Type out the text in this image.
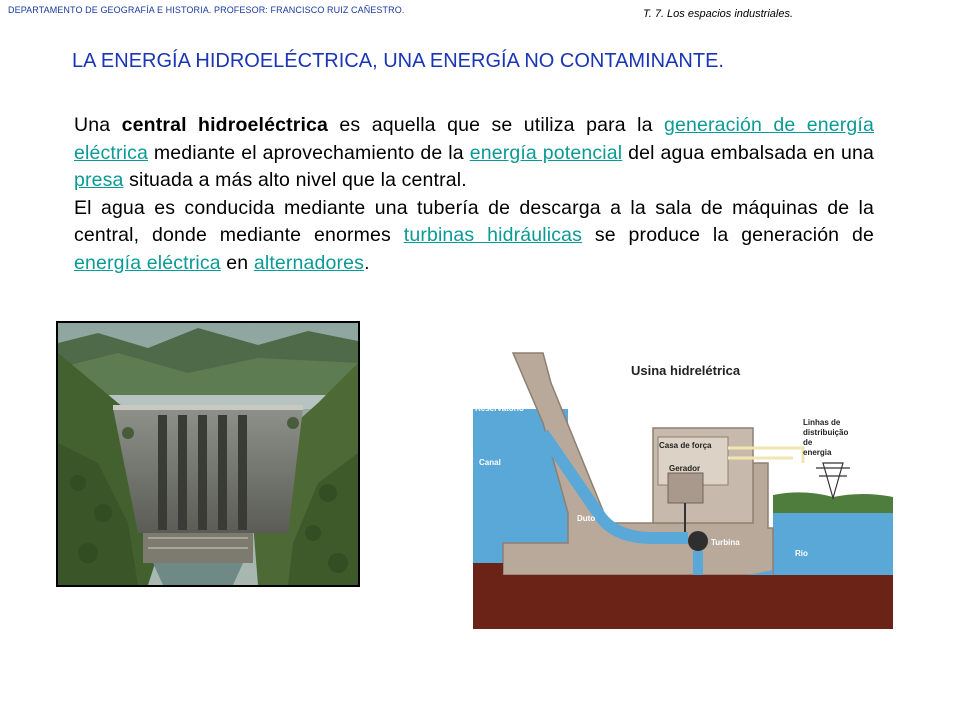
DEPARTAMENTO DE GEOGRAFÍA E HISTORIA. PROFESOR: FRANCISCO RUIZ CAÑESTRO.	T. 7. Los espacios industriales.
LA ENERGÍA HIDROELÉCTRICA, UNA ENERGÍA NO CONTAMINANTE.

Una central hidroeléctrica es aquella que se utiliza para la generación de energía eléctrica mediante el aprovechamiento de la energía potencial del agua embalsada en una presa situada a más alto nivel que la central.

El agua es conducida mediante una tubería de descarga a la sala de máquinas de la central, donde mediante enormes turbinas hidráulicas se produce la generación de energía eléctrica en alternadores.

Usina hidrelétrica
Reservatório
Canal
Duto
Casa de força
Gerador
Turbina
Rio
Linhas de
distribuição
de
energia
